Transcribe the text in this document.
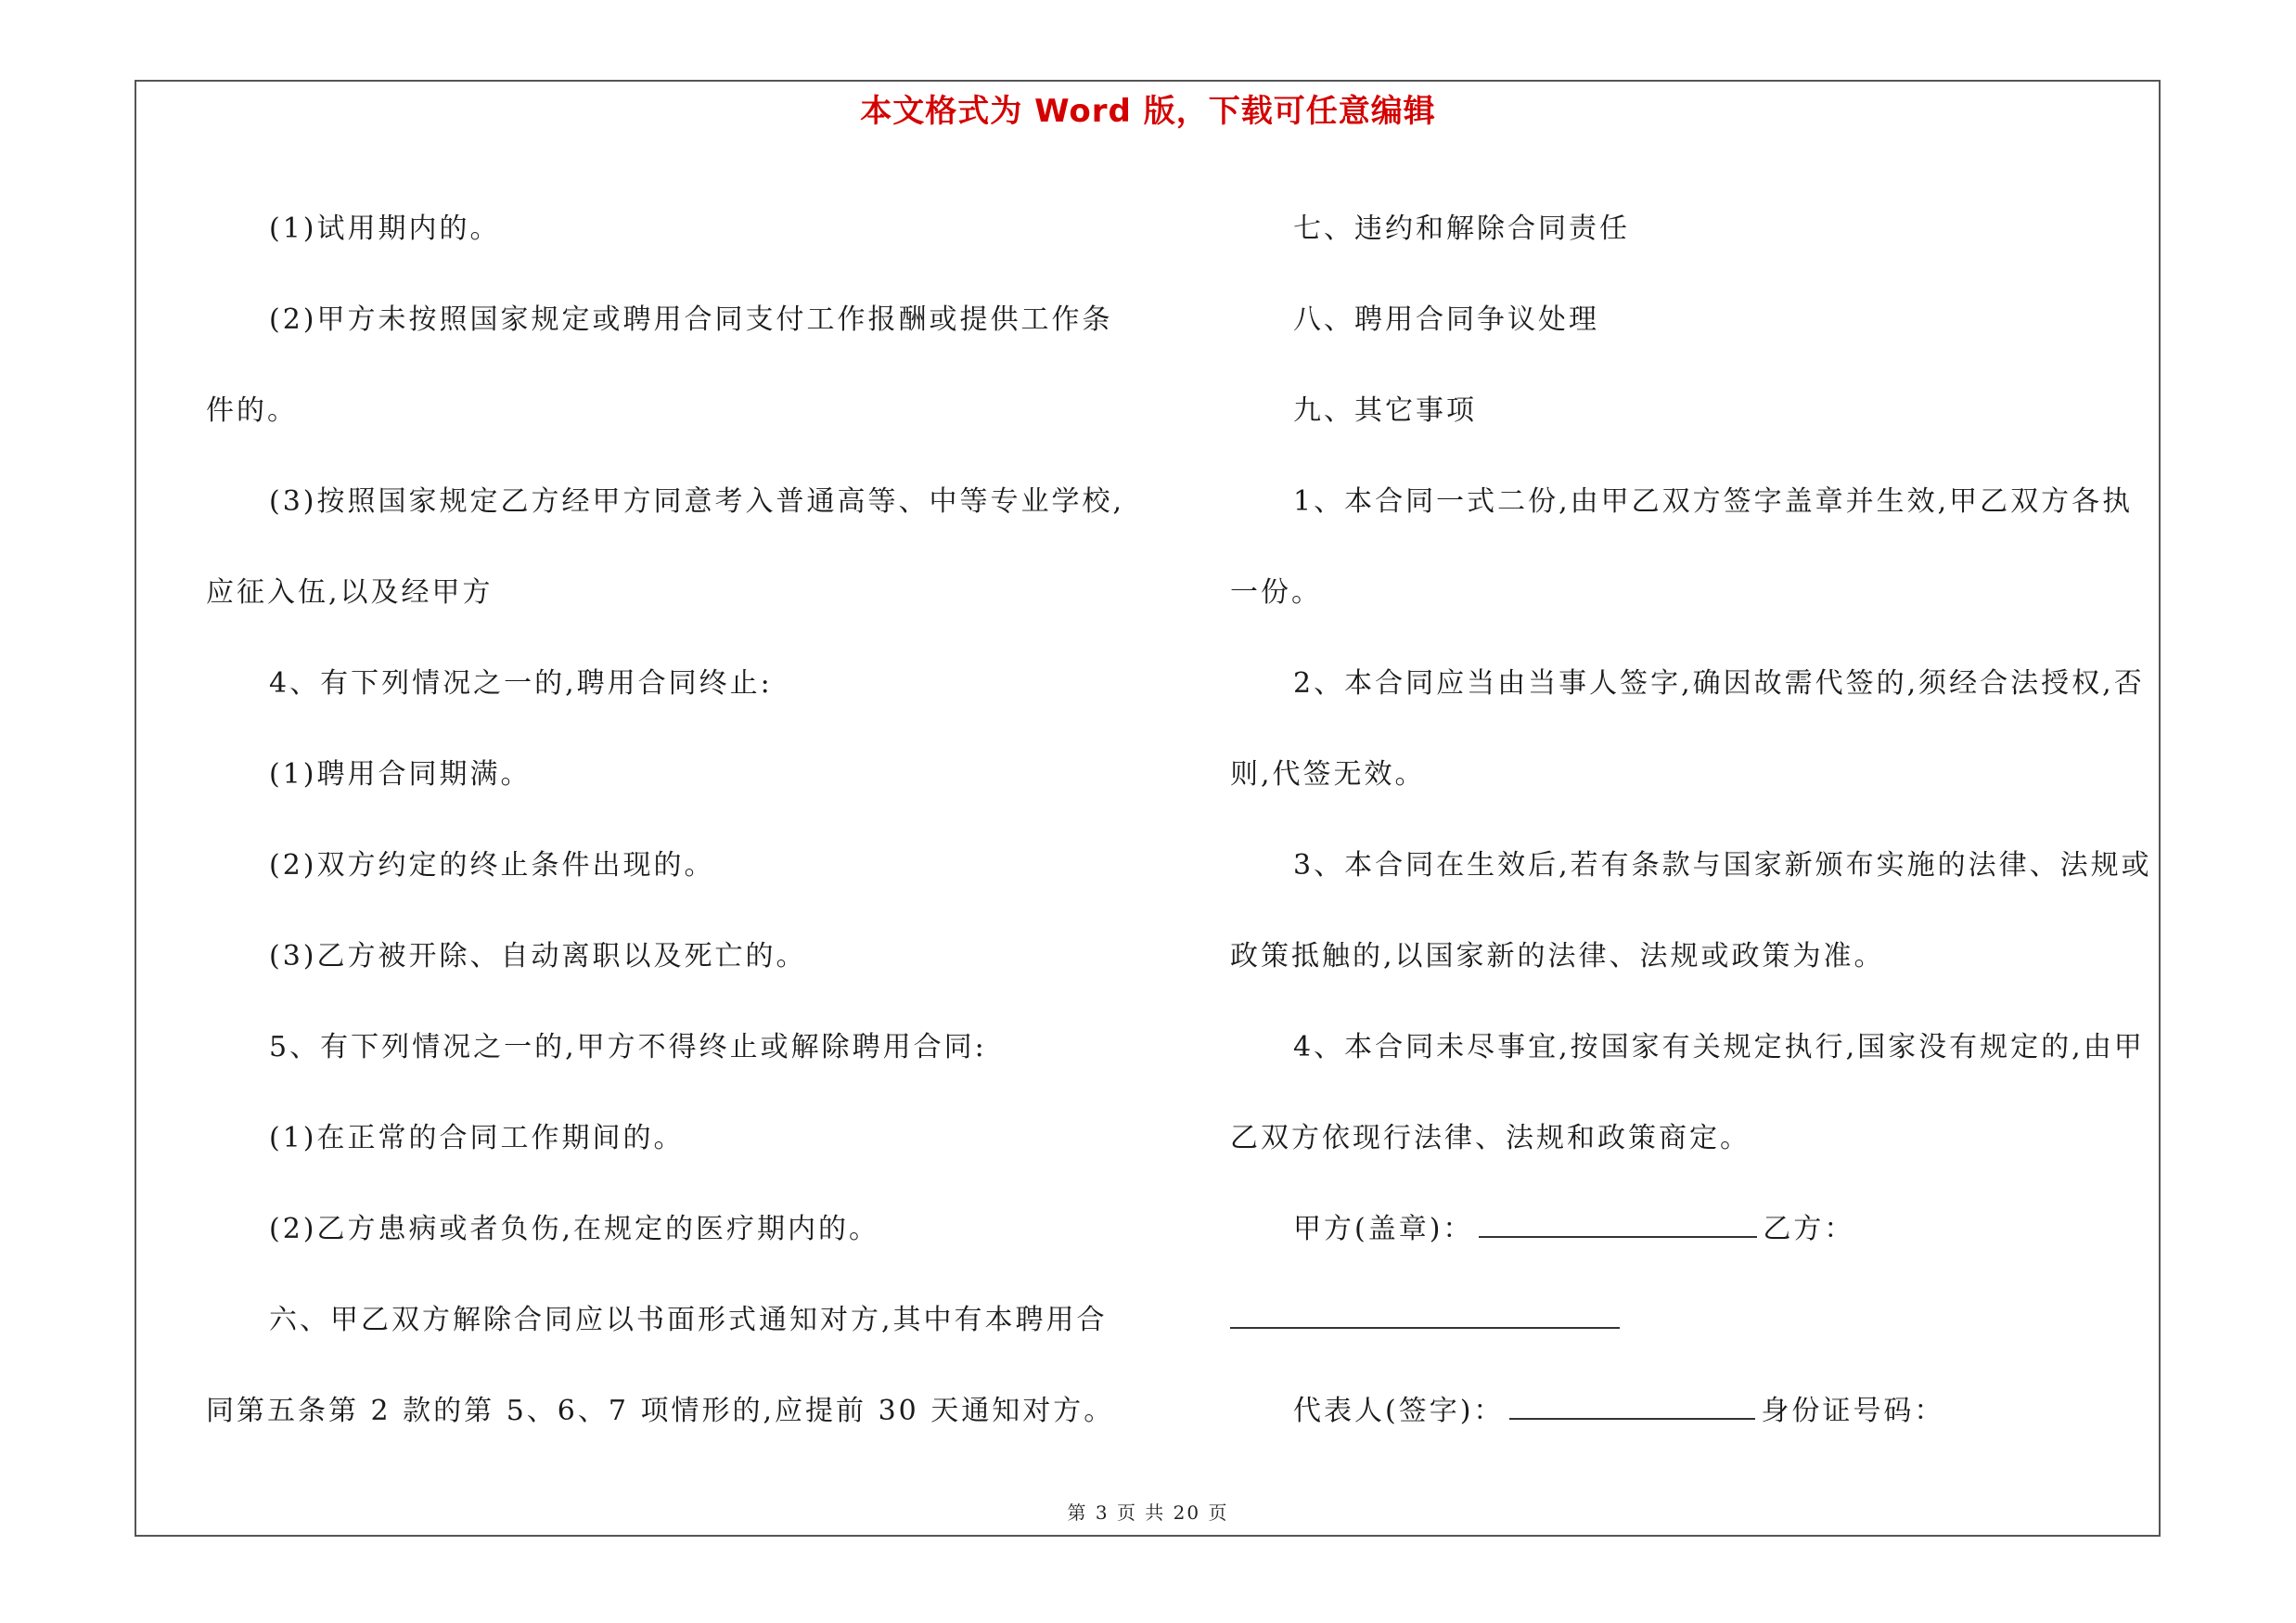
本文格式为 Word 版，下载可任意编辑

(1)试用期内的。

(2)甲方未按照国家规定或聘用合同支付工作报酬或提供工作条

件的。

(3)按照国家规定乙方经甲方同意考入普通高等、中等专业学校,

应征入伍,以及经甲方

4、有下列情况之一的,聘用合同终止:

(1)聘用合同期满。

(2)双方约定的终止条件出现的。

(3)乙方被开除、自动离职以及死亡的。

5、有下列情况之一的,甲方不得终止或解除聘用合同:

(1)在正常的合同工作期间的。

(2)乙方患病或者负伤,在规定的医疗期内的。

六、甲乙双方解除合同应以书面形式通知对方,其中有本聘用合

同第五条第 2 款的第 5、6、7 项情形的,应提前 30 天通知对方。

七、违约和解除合同责任

八、聘用合同争议处理

九、其它事项

1、本合同一式二份,由甲乙双方签字盖章并生效,甲乙双方各执

一份。

2、本合同应当由当事人签字,确因故需代签的,须经合法授权,否

则,代签无效。

3、本合同在生效后,若有条款与国家新颁布实施的法律、法规或

政策抵触的,以国家新的法律、法规或政策为准。

4、本合同未尽事宜,按国家有关规定执行,国家没有规定的,由甲

乙双方依现行法律、法规和政策商定。

甲方(盖章)：	乙方：

代表人(签字)：	身份证号码：

第 3 页 共 20 页
